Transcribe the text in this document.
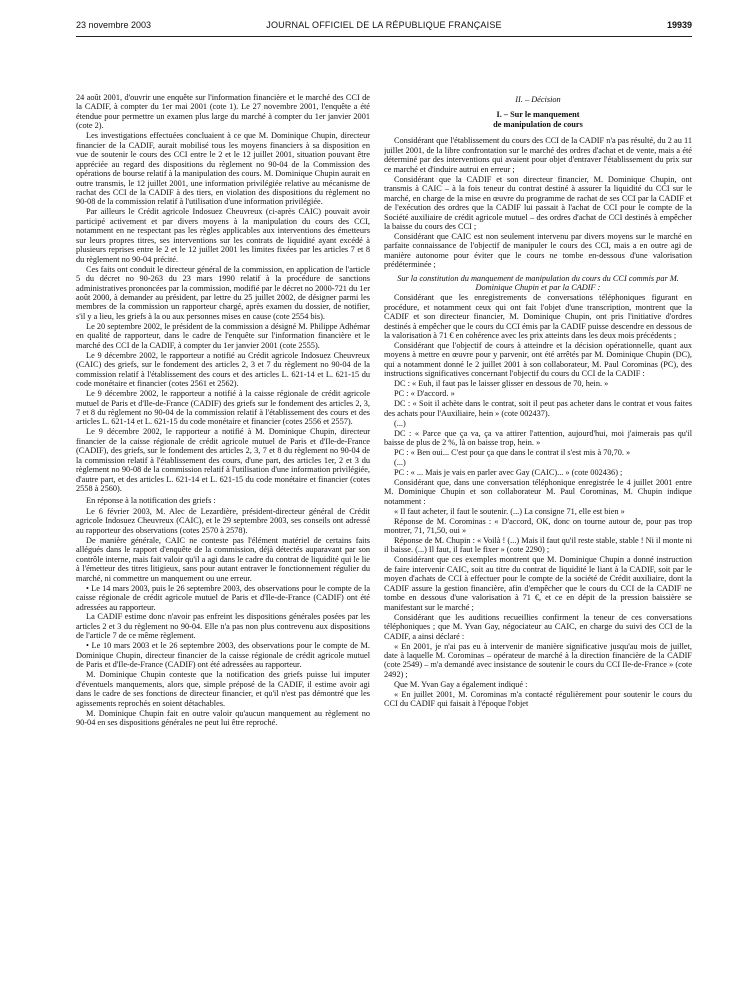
23 novembre 2003	JOURNAL OFFICIEL DE LA RÉPUBLIQUE FRANÇAISE	19939

24 août 2001, d'ouvrir une enquête sur l'information financière et le marché des CCI de la CADIF, à compter du 1er mai 2001 (cote 1). Le 27 novembre 2001, l'enquête a été étendue pour permettre un examen plus large du marché à compter du 1er janvier 2001 (cote 2).

Les investigations effectuées concluaient à ce que M. Dominique Chupin, directeur financier de la CADIF, aurait mobilisé tous les moyens financiers à sa disposition en vue de soutenir le cours des CCI entre le 2 et le 12 juillet 2001, situation pouvant être appréciée au regard des dispositions du règlement no 90-04 de la Commission des opérations de bourse relatif à la manipulation des cours. M. Dominique Chupin aurait en outre transmis, le 12 juillet 2001, une information privilégiée relative au mécanisme de rachat des CCI de la CADIF à des tiers, en violation des dispositions du règlement no 90-08 de la commission relatif à l'utilisation d'une information privilégiée.

Par ailleurs le Crédit agricole Indosuez Cheuvreux (ci-après CAIC) pouvait avoir participé activement et par divers moyens à la manipulation du cours des CCI, notamment en ne respectant pas les règles applicables aux interventions des émetteurs sur leurs propres titres, ses interventions sur les contrats de liquidité ayant excédé à plusieurs reprises entre le 2 et le 12 juillet 2001 les limites fixées par les articles 7 et 8 du règlement no 90-04 précité.

Ces faits ont conduit le directeur général de la commission, en application de l'article 5 du décret no 90-263 du 23 mars 1990 relatif à la procédure de sanctions administratives prononcées par la commission, modifié par le décret no 2000-721 du 1er août 2000, à demander au président, par lettre du 25 juillet 2002, de désigner parmi les membres de la commission un rapporteur chargé, après examen du dossier, de notifier, s'il y a lieu, les griefs à la ou aux personnes mises en cause (cote 2554 bis).

Le 20 septembre 2002, le président de la commission a désigné M. Philippe Adhémar en qualité de rapporteur, dans le cadre de l'enquête sur l'information financière et le marché des CCI de la CADIF, à compter du 1er janvier 2001 (cote 2555).

Le 9 décembre 2002, le rapporteur a notifié au Crédit agricole Indosuez Cheuvreux (CAIC) des griefs, sur le fondement des articles 2, 3 et 7 du règlement no 90-04 de la commission relatif à l'établissement des cours et des articles L. 621-14 et L. 621-15 du code monétaire et financier (cotes 2561 et 2562).

Le 9 décembre 2002, le rapporteur a notifié à la caisse régionale de crédit agricole mutuel de Paris et d'Ile-de-France (CADIF) des griefs sur le fondement des articles 2, 3, 7 et 8 du règlement no 90-04 de la commission relatif à l'établissement des cours et des articles L. 621-14 et L. 621-15 du code monétaire et financier (cotes 2556 et 2557).

Le 9 décembre 2002, le rapporteur a notifié à M. Dominique Chupin, directeur financier de la caisse régionale de crédit agricole mutuel de Paris et d'Ile-de-France (CADIF), des griefs, sur le fondement des articles 2, 3, 7 et 8 du règlement no 90-04 de la commission relatif à l'établissement des cours, d'une part, des articles 1er, 2 et 3 du règlement no 90-08 de la commission relatif à l'utilisation d'une information privilégiée, d'autre part, et des articles L. 621-14 et L. 621-15 du code monétaire et financier (cotes 2558 à 2560).

En réponse à la notification des griefs :

Le 6 février 2003, M. Alec de Lezardière, président-directeur général de Crédit agricole Indosuez Cheuvreux (CAIC), et le 29 septembre 2003, ses conseils ont adressé au rapporteur des observations (cotes 2570 à 2578).

De manière générale, CAIC ne conteste pas l'élément matériel de certains faits allégués dans le rapport d'enquête de la commission, déjà détectés auparavant par son contrôle interne, mais fait valoir qu'il a agi dans le cadre du contrat de liquidité qui le lie à l'émetteur des titres litigieux, sans pour autant entraver le fonctionnement régulier du marché, ni commettre un manquement ou une erreur.

• Le 14 mars 2003, puis le 26 septembre 2003, des observations pour le compte de la caisse régionale de crédit agricole mutuel de Paris et d'Ile-de-France (CADIF) ont été adressées au rapporteur.

La CADIF estime donc n'avoir pas enfreint les dispositions générales posées par les articles 2 et 3 du règlement no 90-04. Elle n'a pas non plus contrevenu aux dispositions de l'article 7 de ce même règlement.

• Le 10 mars 2003 et le 26 septembre 2003, des observations pour le compte de M. Dominique Chupin, directeur financier de la caisse régionale de crédit agricole mutuel de Paris et d'Ile-de-France (CADIF) ont été adressées au rapporteur.

M. Dominique Chupin conteste que la notification des griefs puisse lui imputer d'éventuels manquements, alors que, simple préposé de la CADIF, il estime avoir agi dans le cadre de ses fonctions de directeur financier, et qu'il n'est pas démontré que les agissements reprochés en soient détachables.

M. Dominique Chupin fait en outre valoir qu'aucun manquement au règlement no 90-04 en ses dispositions générales ne peut lui être reproché.

II. – Décision
I. – Sur le manquement
de manipulation de cours

Considérant que l'établissement du cours des CCI de la CADIF n'a pas résulté, du 2 au 11 juillet 2001, de la libre confrontation sur le marché des ordres d'achat et de vente, mais a été déterminé par des interventions qui avaient pour objet d'entraver l'établissement du prix sur ce marché et d'induire autrui en erreur ;

Considérant que la CADIF et son directeur financier, M. Dominique Chupin, ont transmis à CAIC – à la fois teneur du contrat destiné à assurer la liquidité du CCI sur le marché, en charge de la mise en œuvre du programme de rachat de ses CCI par la CADIF et de l'exécution des ordres que la CADIF lui passait à l'achat de CCI pour le compte de la Société auxiliaire de crédit agricole mutuel – des ordres d'achat de CCI destinés à empêcher la baisse du cours des CCI ;

Considérant que CAIC est non seulement intervenu par divers moyens sur le marché en parfaite connaissance de l'objectif de manipuler le cours des CCI, mais a en outre agi de manière autonome pour éviter que le cours ne tombe en-dessous d'une valorisation prédéterminée ;

Sur la constitution du manquement de manipulation du cours du CCI commis par M. Dominique Chupin et par la CADIF :

Considérant que les enregistrements de conversations téléphoniques figurant en procédure, et notamment ceux qui ont fait l'objet d'une transcription, montrent que la CADIF et son directeur financier, M. Dominique Chupin, ont pris l'initiative d'ordres destinés à empêcher que le cours du CCI émis par la CADIF puisse descendre en dessous de la valorisation à 71 € en cohérence avec les prix atteints dans les deux mois précédents ;

Considérant que l'objectif de cours à atteindre et la décision opérationnelle, quant aux moyens à mettre en œuvre pour y parvenir, ont été arrêtés par M. Dominique Chupin (DC), qui a notamment donné le 2 juillet 2001 à son collaborateur, M. Paul Corominas (PC), des instructions significatives concernant l'objectif du cours du CCI de la CADIF :

DC : « Euh, il faut pas le laisser glisser en dessous de 70, hein. »

PC : « D'accord. »

DC : « Soit il achète dans le contrat, soit il peut pas acheter dans le contrat et vous faites des achats pour l'Auxiliaire, hein » (cote 002437).

(...)

DC : « Parce que ça va, ça va attirer l'attention, aujourd'hui, moi j'aimerais pas qu'il baisse de plus de 2 %, là on baisse trop, hein. »

PC : « Ben oui... C'est pour ça que dans le contrat il s'est mis à 70,70. »

(...)

PC : « ... Mais je vais en parler avec Gay (CAIC)... » (cote 002436) ;

Considérant que, dans une conversation téléphonique enregistrée le 4 juillet 2001 entre M. Dominique Chupin et son collaborateur M. Paul Corominas, M. Chupin indique notamment :

« Il faut acheter, il faut le soutenir. (...) La consigne 71, elle est bien »

Réponse de M. Corominas : « D'accord, OK, donc on tourne autour de, pour pas trop montrer, 71, 71,50, oui »

Réponse de M. Chupin : « Voilà ! (...) Mais il faut qu'il reste stable, stable ! Ni il monte ni il baisse. (...) Il faut, il faut le fixer » (cote 2290) ;

Considérant que ces exemples montrent que M. Dominique Chupin a donné instruction de faire intervenir CAIC, soit au titre du contrat de liquidité le liant à la CADIF, soit par le moyen d'achats de CCI à effectuer pour le compte de la société de Crédit auxiliaire, dont la CADIF assure la gestion financière, afin d'empêcher que le cours du CCI de la CADIF ne tombe en dessous d'une valorisation à 71 €, et ce en dépit de la pression baissière se manifestant sur le marché ;

Considérant que les auditions recueillies confirment la teneur de ces conversations téléphoniques ; que M. Yvan Gay, négociateur au CAIC, en charge du suivi des CCI de la CADIF, a ainsi déclaré :

« En 2001, je n'ai pas eu à intervenir de manière significative jusqu'au mois de juillet, date à laquelle M. Corominas – opérateur de marché à la direction financière de la CADIF (cote 2549) – m'a demandé avec insistance de soutenir le cours du CCI Ile-de-France » (cote 2492) ;

Que M. Yvan Gay a également indiqué :

« En juillet 2001, M. Corominas m'a contacté régulièrement pour soutenir le cours du CCI du CADIF qui faisait à l'époque l'objet
